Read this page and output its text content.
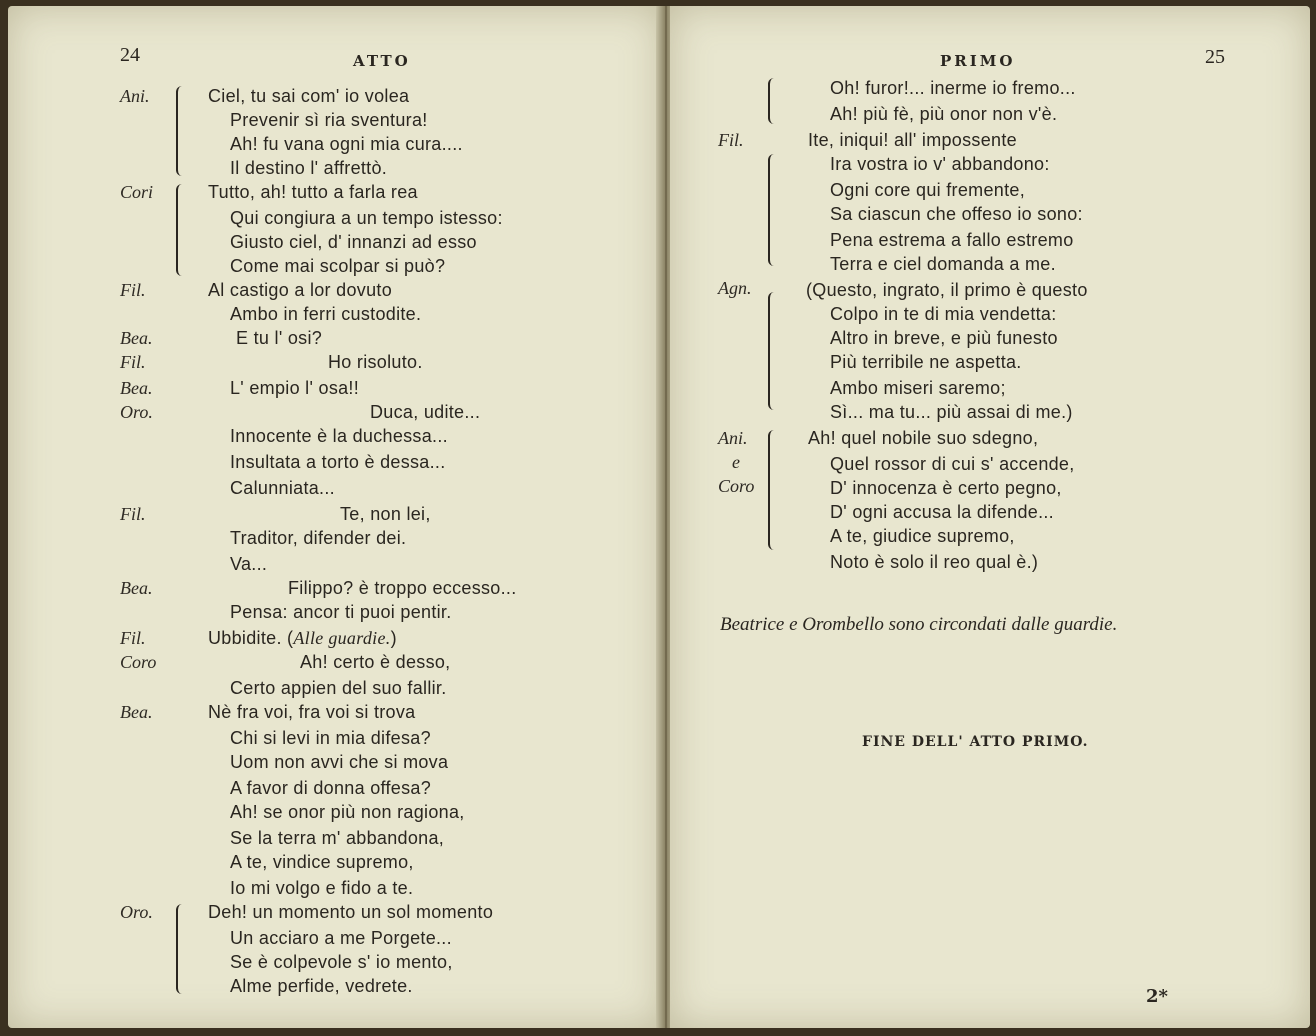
24	ATTO
Ani.
Cori
Fil.
Bea.
Fil.
Bea.
Oro.
Fil.
Bea.
Fil.
Coro
Bea.
Oro.
Ciel, tu sai com' io volea
Prevenir sì ria sventura!
Ah! fu vana ogni mia cura....
Il destino l' affrettò.
Tutto, ah! tutto a farla rea
Qui congiura a un tempo istesso:
Giusto ciel, d' innanzi ad esso
Come mai scolpar si può?
Al castigo a lor dovuto
Ambo in ferri custodite.
E tu l' osi?
Ho risoluto.
L' empio l' osa!!
Duca, udite...
Innocente è la duchessa...
Insultata a torto è dessa...
Calunniata...
Te, non lei,
Traditor, difender dei.
Va...
Filippo? è troppo eccesso...
Pensa: ancor ti puoi pentir.
Ubbidite. (Alle guardie.)
Ah! certo è desso,
Certo appien del suo fallir.
Nè fra voi, fra voi si trova
Chi si levi in mia difesa?
Uom non avvi che si mova
A favor di donna offesa?
Ah! se onor più non ragiona,
Se la terra m' abbandona,
A te, vindice supremo,
Io mi volgo e fido a te.
Deh! un momento un sol momento
Un acciaro a me Porgete...
Se è colpevole s' io mento,
Alme perfide, vedrete.
PRIMO	25
Fil.
Agn.
Ani.
e
Coro
Oh! furor!... inerme io fremo...
Ah! più fè, più onor non v'è.
Ite, iniqui! all' impossente
Ira vostra io v' abbandono:
Ogni core qui fremente,
Sa ciascun che offeso io sono:
Pena estrema a fallo estremo
Terra e ciel domanda a me.
(Questo, ingrato, il primo è questo
Colpo in te di mia vendetta:
Altro in breve, e più funesto
Più terribile ne aspetta.
Ambo miseri saremo;
Sì... ma tu... più assai di me.)
Ah! quel nobile suo sdegno,
Quel rossor di cui s' accende,
D' innocenza è certo pegno,
D' ogni accusa la difende...
A te, giudice supremo,
Noto è solo il reo qual è.)
Beatrice e Orombello sono circondati dalle guardie.
FINE DELL' ATTO PRIMO.
2*
